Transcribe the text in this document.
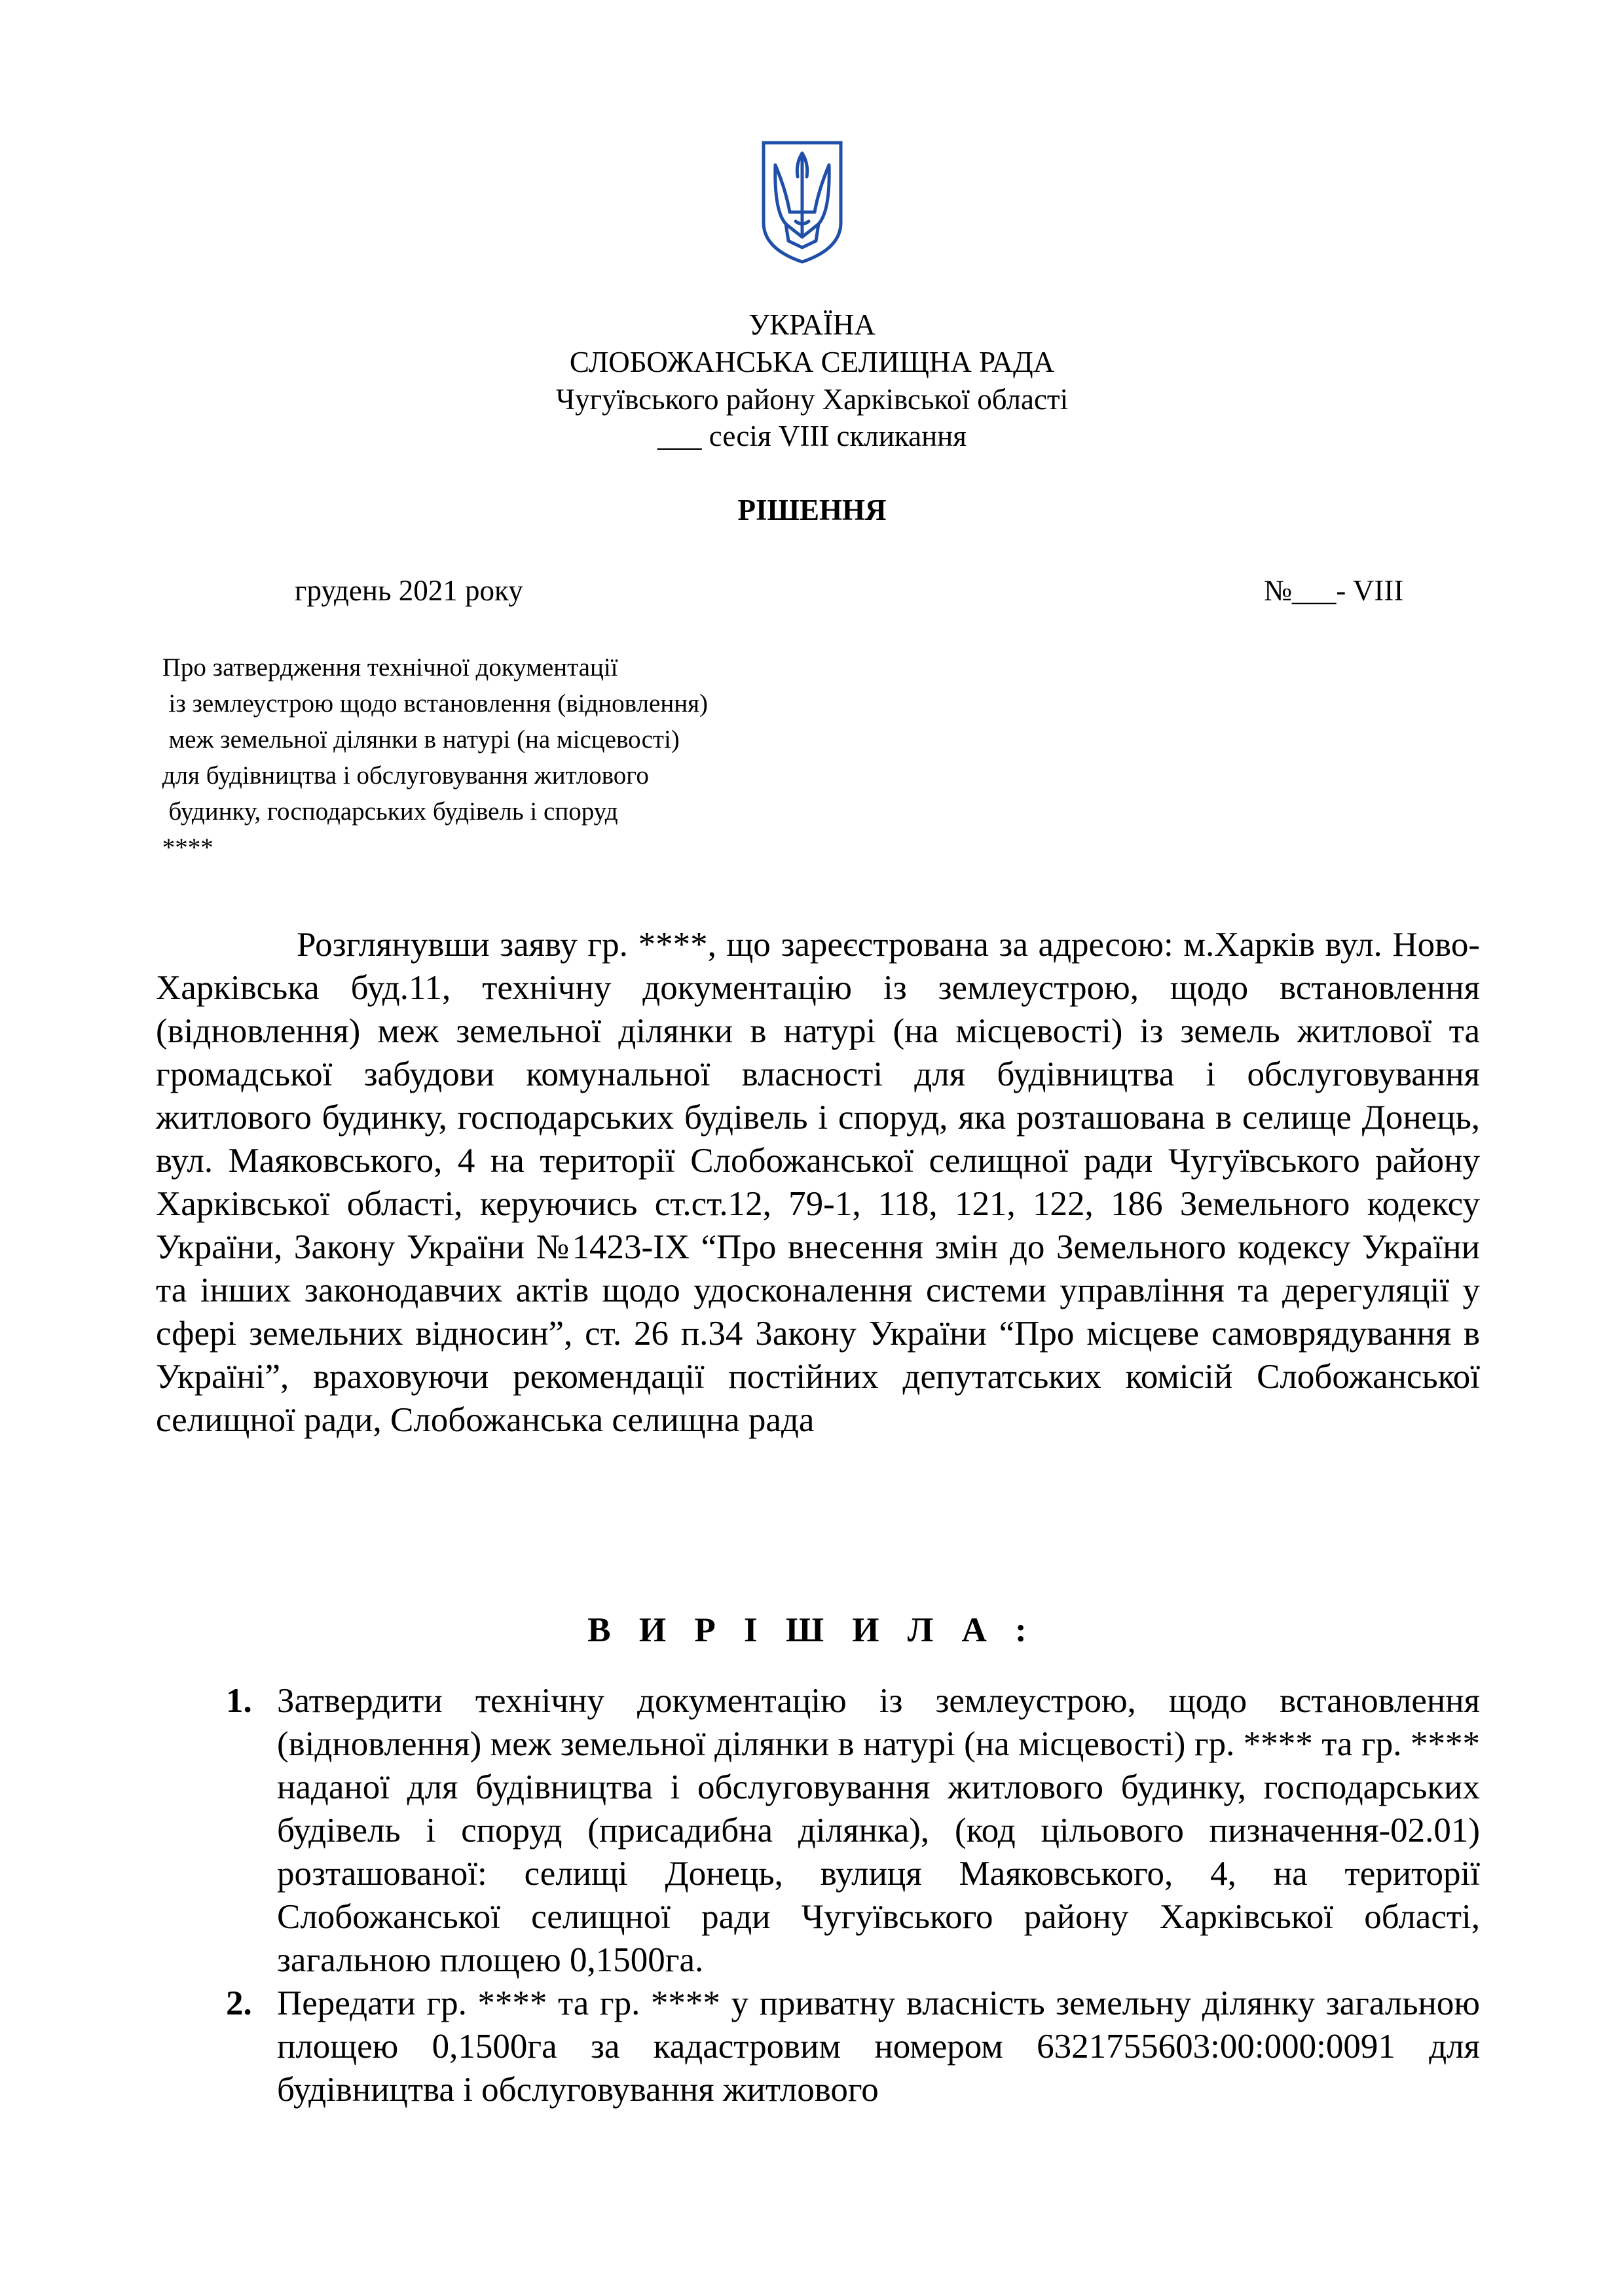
УКРАЇНА
СЛОБОЖАНСЬКА СЕЛИЩНА РАДА
Чугуївського району Харківської області
___ сесія VIII скликання
РІШЕННЯ
грудень 2021 року	№___- VIII
Про затвердження технічної документації
із землеустрою щодо встановлення (відновлення)
меж земельної ділянки в натурі (на місцевості)
для будівництва і обслуговування житлового
будинку, господарських будівель і споруд
****

Розглянувши заяву гр. ****, що зареєстрована за адресою: м.Харків вул. Ново-Харківська буд.11, технічну документацію із землеустрою, щодо встановлення (відновлення) меж земельної ділянки в натурі (на місцевості) із земель житлової та громадської забудови комунальної власності для будівництва і обслуговування житлового будинку, господарських будівель і споруд, яка розташована в селище Донець, вул. Маяковського, 4 на території Слобожанської селищної ради Чугуївського району Харківської області, керуючись ст.ст.12, 79-1, 118, 121, 122, 186 Земельного кодексу України, Закону України №1423-IX “Про внесення змін до Земельного кодексу України та інших законодавчих актів щодо удосконалення системи управління та дерегуляції у сфері земельних відносин”, ст. 26 п.34 Закону України “Про місцеве самоврядування в Україні”, враховуючи рекомендації постійних депутатських комісій Слобожанської селищної ради, Слобожанська селищна рада

В И Р І Ш И Л А :
1. Затвердити технічну документацію із землеустрою, щодо встановлення (відновлення) меж земельної ділянки в натурі (на місцевості) гр. **** та гр. **** наданої для будівництва і обслуговування житлового будинку, господарських будівель і споруд (присадибна ділянка), (код цільового пизначення-02.01) розташованої: селищі Донець, вулиця Маяковського, 4, на території Слобожанської селищної ради Чугуївського району Харківської області, загальною площею 0,1500га.
2. Передати гр. **** та гр. **** у приватну власність земельну ділянку загальною площею 0,1500га за кадастровим номером 6321755603:00:000:0091 для будівництва і обслуговування житлового
